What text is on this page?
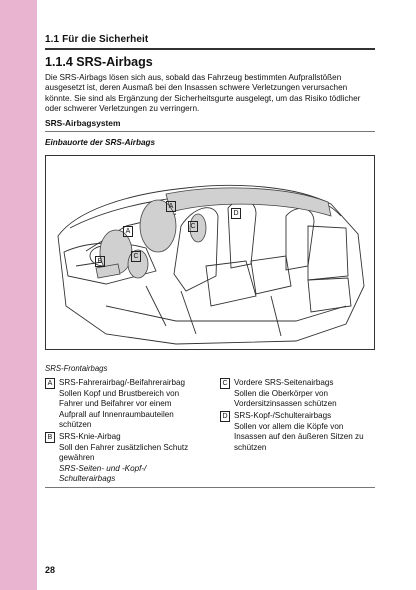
1.1 Für die Sicherheit
1.1.4 SRS-Airbags
Die SRS-Airbags lösen sich aus, sobald das Fahrzeug bestimmten Aufprallstößen
ausgesetzt ist, deren Ausmaß bei den Insassen schwere Verletzungen verursachen
könnte. Sie sind als Ergänzung der Sicherheitsgurte ausgelegt, um das Risiko tödlicher
oder schwerer Verletzungen zu verringern.
SRS-Airbagsystem
Einbauorte der SRS-Airbags
A
A
B
C
C
D
SRS-Frontairbags
A SRS-Fahrerairbag/-Beifahrerairbag
Sollen Kopf und Brustbereich von
Fahrer und Beifahrer vor einem
Aufprall auf Innenraumbauteilen
schützen
B SRS-Knie-Airbag
Soll den Fahrer zusätzlichen Schutz
gewähren
SRS-Seiten- und -Kopf-/
Schulterairbags
C Vordere SRS-Seitenairbags
Sollen die Oberkörper von
Vordersitzinsassen schützen
D SRS-Kopf-/Schulterairbags
Sollen vor allem die Köpfe von
Insassen auf den äußeren Sitzen zu
schützen
28
